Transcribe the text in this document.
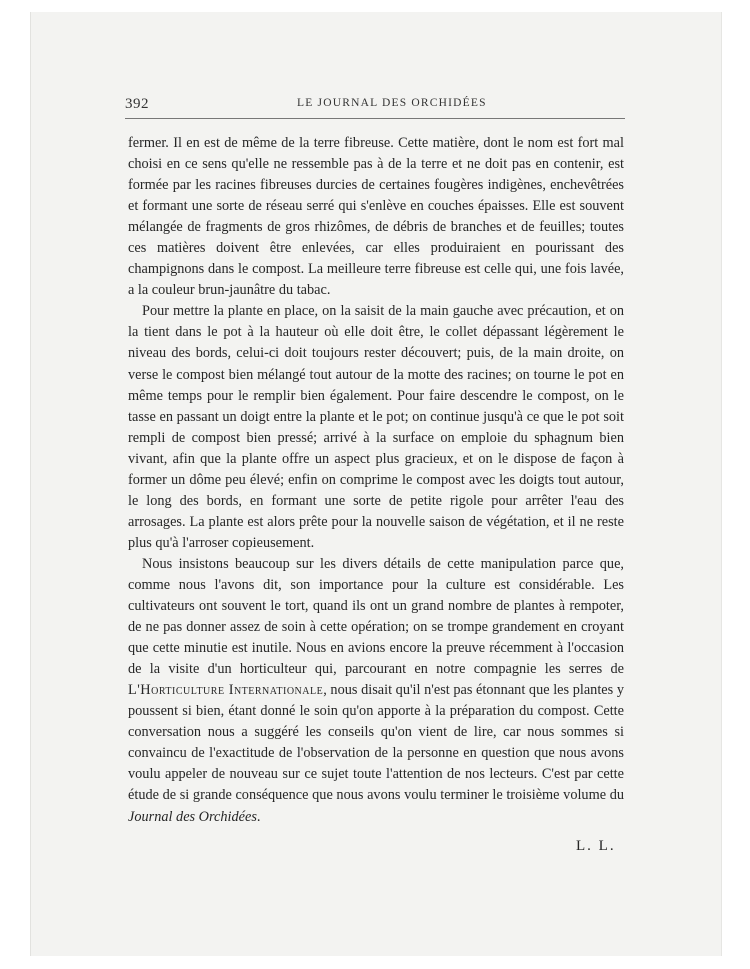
392	LE JOURNAL DES ORCHIDÉES

fermer. Il en est de même de la terre fibreuse. Cette matière, dont le nom est fort mal choisi en ce sens qu'elle ne ressemble pas à de la terre et ne doit pas en contenir, est formée par les racines fibreuses durcies de certaines fougères indigènes, enchevêtrées et formant une sorte de réseau serré qui s'enlève en couches épaisses. Elle est souvent mélangée de fragments de gros rhizômes, de débris de branches et de feuilles; toutes ces matières doivent être enlevées, car elles produiraient en pourissant des champignons dans le compost. La meilleure terre fibreuse est celle qui, une fois lavée, a la couleur brun-jaunâtre du tabac.

Pour mettre la plante en place, on la saisit de la main gauche avec précaution, et on la tient dans le pot à la hauteur où elle doit être, le collet dépassant légèrement le niveau des bords, celui-ci doit toujours rester découvert; puis, de la main droite, on verse le compost bien mélangé tout autour de la motte des racines; on tourne le pot en même temps pour le remplir bien également. Pour faire descendre le compost, on le tasse en passant un doigt entre la plante et le pot; on continue jusqu'à ce que le pot soit rempli de compost bien pressé; arrivé à la surface on emploie du sphagnum bien vivant, afin que la plante offre un aspect plus gracieux, et on le dispose de façon à former un dôme peu élevé; enfin on comprime le compost avec les doigts tout autour, le long des bords, en formant une sorte de petite rigole pour arrêter l'eau des arrosages. La plante est alors prête pour la nouvelle saison de végétation, et il ne reste plus qu'à l'arroser copieusement.

Nous insistons beaucoup sur les divers détails de cette manipulation parce que, comme nous l'avons dit, son importance pour la culture est considérable. Les cultivateurs ont souvent le tort, quand ils ont un grand nombre de plantes à rempoter, de ne pas donner assez de soin à cette opération; on se trompe grandement en croyant que cette minutie est inutile. Nous en avions encore la preuve récemment à l'occasion de la visite d'un horticulteur qui, parcourant en notre compagnie les serres de L'Horticulture Internationale, nous disait qu'il n'est pas étonnant que les plantes y poussent si bien, étant donné le soin qu'on apporte à la préparation du compost. Cette conversation nous a suggéré les conseils qu'on vient de lire, car nous sommes si convaincu de l'exactitude de l'observation de la personne en question que nous avons voulu appeler de nouveau sur ce sujet toute l'attention de nos lecteurs. C'est par cette étude de si grande conséquence que nous avons voulu terminer le troisième volume du Journal des Orchidées.

L. L.
